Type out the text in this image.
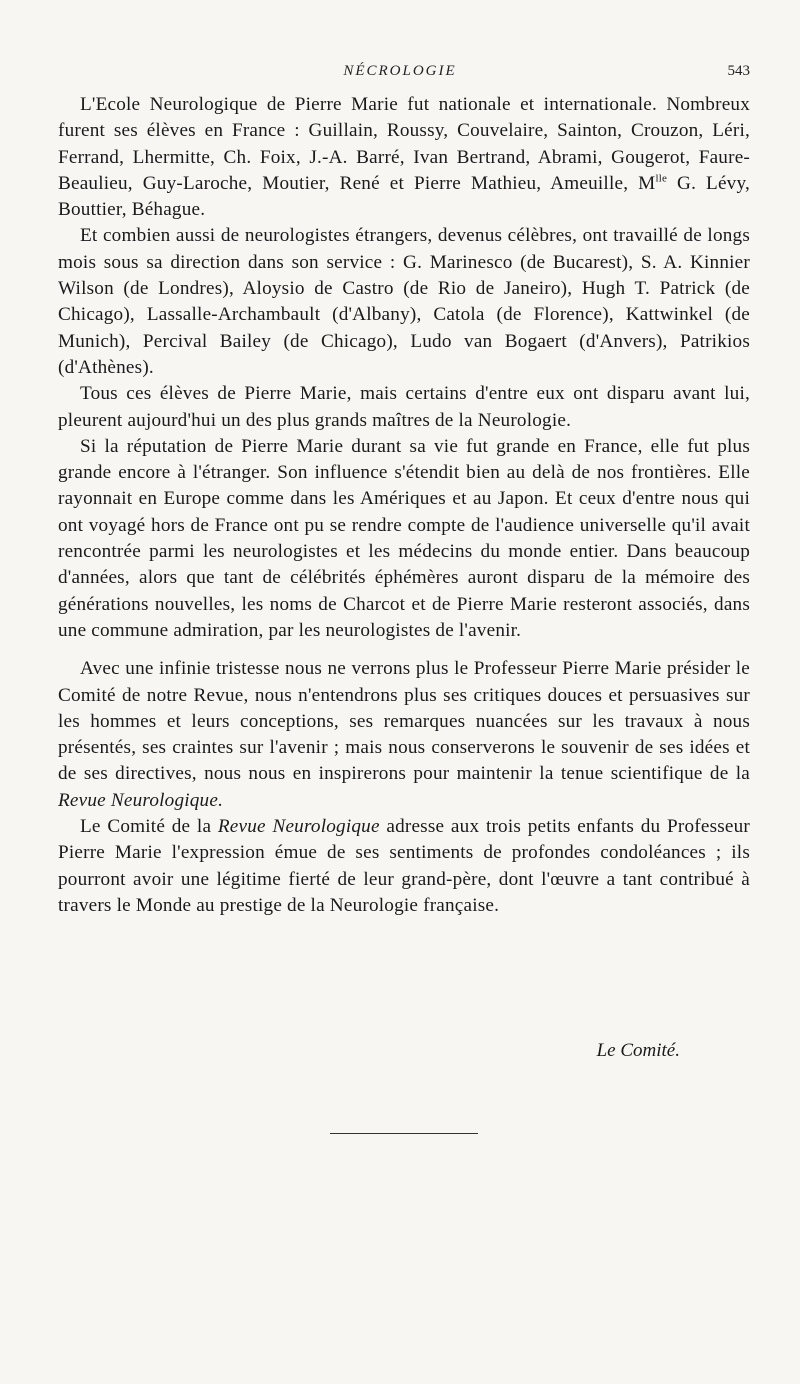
NÉCROLOGIE	543

L'Ecole Neurologique de Pierre Marie fut nationale et internationale. Nombreux furent ses élèves en France : Guillain, Roussy, Couvelaire, Sainton, Crouzon, Léri, Ferrand, Lhermitte, Ch. Foix, J.-A. Barré, Ivan Bertrand, Abrami, Gougerot, Faure-Beaulieu, Guy-Laroche, Moutier, René et Pierre Mathieu, Ameuille, $M^{lle}$ G. Lévy, Bouttier, Béhague.

Et combien aussi de neurologistes étrangers, devenus célèbres, ont travaillé de longs mois sous sa direction dans son service : G. Marinesco (de Bucarest), S. A. Kinnier Wilson (de Londres), Aloysio de Castro (de Rio de Janeiro), Hugh T. Patrick (de Chicago), Lassalle-Archambault (d'Albany), Catola (de Florence), Kattwinkel (de Munich), Percival Bailey (de Chicago), Ludo van Bogaert (d'Anvers), Patrikios (d'Athènes).

Tous ces élèves de Pierre Marie, mais certains d'entre eux ont disparu avant lui, pleurent aujourd'hui un des plus grands maîtres de la Neurologie.

Si la réputation de Pierre Marie durant sa vie fut grande en France, elle fut plus grande encore à l'étranger. Son influence s'étendit bien au delà de nos frontières. Elle rayonnait en Europe comme dans les Amériques et au Japon. Et ceux d'entre nous qui ont voyagé hors de France ont pu se rendre compte de l'audience universelle qu'il avait rencontrée parmi les neurologistes et les médecins du monde entier. Dans beaucoup d'années, alors que tant de célébrités éphémères auront disparu de la mémoire des générations nouvelles, les noms de Charcot et de Pierre Marie resteront associés, dans une commune admiration, par les neurologistes de l'avenir.

Avec une infinie tristesse nous ne verrons plus le Professeur Pierre Marie présider le Comité de notre Revue, nous n'entendrons plus ses critiques douces et persuasives sur les hommes et leurs conceptions, ses remarques nuancées sur les travaux à nous présentés, ses craintes sur l'avenir ; mais nous conserverons le souvenir de ses idées et de ses directives, nous nous en inspirerons pour maintenir la tenue scientifique de la Revue Neurologique.

Le Comité de la Revue Neurologique adresse aux trois petits enfants du Professeur Pierre Marie l'expression émue de ses sentiments de profondes condoléances ; ils pourront avoir une légitime fierté de leur grand-père, dont l'œuvre a tant contribué à travers le Monde au prestige de la Neurologie française.

Le Comité.
